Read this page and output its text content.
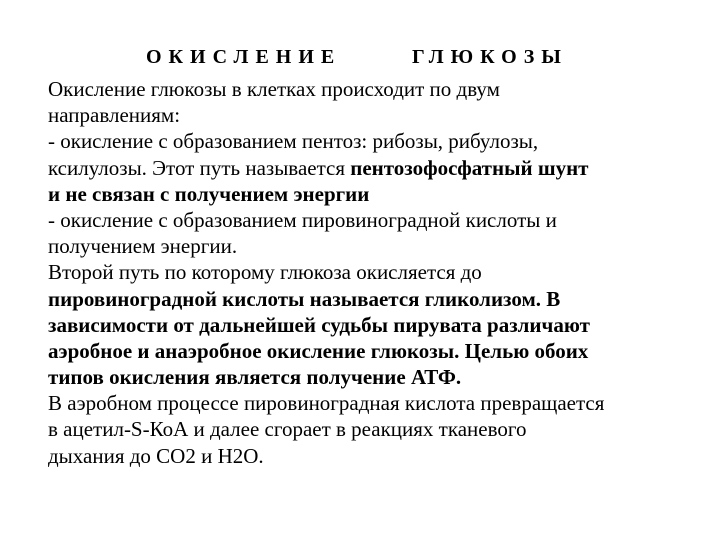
ОКИСЛЕНИЕ	ГЛЮКОЗЫ
Окисление глюкозы в клетках происходит по двум
направлениям:
- окисление с образованием пентоз: рибозы, рибулозы,
ксилулозы. Этот путь называется пентозофосфатный шунт
и не связан с получением энергии
- окисление с образованием пировиноградной кислоты и
получением энергии.
Второй путь по которому глюкоза окисляется до
пировиноградной кислоты называется гликолизом. В
зависимости от дальнейшей судьбы пирувата различают
аэробное и анаэробное окисление глюкозы. Целью обоих
типов окисления является получение АТФ.
В аэробном процессе пировиноградная кислота превращается
в ацетил-S-КоА и далее сгорает в реакциях тканевого
дыхания до СО2 и Н2О.
